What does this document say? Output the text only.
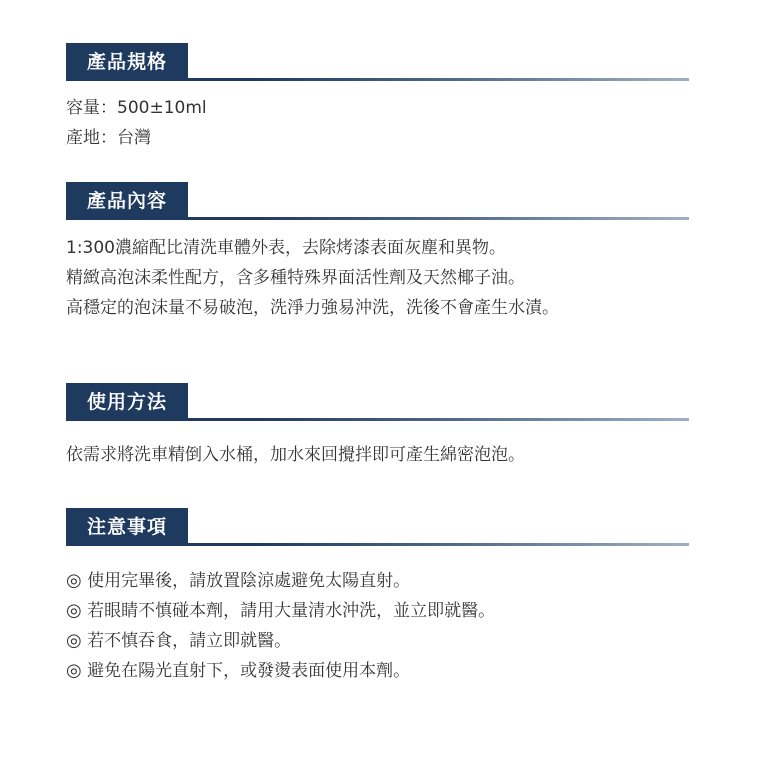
產品規格
容量：500±10ml
產地：台灣
產品內容
1:300濃縮配比清洗車體外表，去除烤漆表面灰塵和異物。
精緻高泡沫柔性配方，含多種特殊界面活性劑及天然椰子油。
高穩定的泡沫量不易破泡，洗淨力強易沖洗，洗後不會產生水漬。
使用方法
依需求將洗車精倒入水桶，加水來回攪拌即可產生綿密泡泡。
注意事項
◎ 使用完畢後，請放置陰涼處避免太陽直射。
◎ 若眼睛不慎碰本劑，請用大量清水沖洗，並立即就醫。
◎ 若不慎吞食，請立即就醫。
◎ 避免在陽光直射下，或發燙表面使用本劑。
